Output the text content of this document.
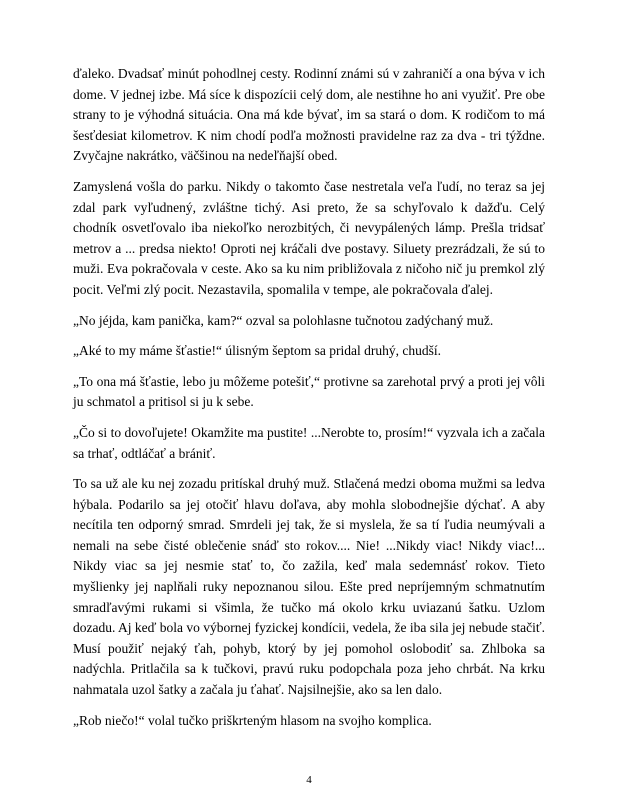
ďaleko. Dvadsať minút pohodlnej cesty. Rodinní známi sú v zahraničí a ona býva v ich dome. V jednej izbe. Má síce k dispozícii celý dom, ale nestihne ho ani využiť. Pre obe strany to je výhodná situácia. Ona má kde bývať, im sa stará o dom. K rodičom to má šesťdesiat kilometrov. K nim chodí podľa možnosti pravidelne raz za dva - tri týždne. Zvyčajne nakrátko, väčšinou na nedeľňajší obed.

Zamyslená vošla do parku. Nikdy o takomto čase nestretala veľa ľudí, no teraz sa jej zdal park vyľudnený, zvláštne tichý. Asi preto, že sa schyľovalo k dažďu. Celý chodník osvetľovalo iba niekoľko nerozbitých, či nevypálených lámp. Prešla tridsať metrov a ... predsa niekto! Oproti nej kráčali dve postavy. Siluety prezrádzali, že sú to muži. Eva pokračovala v ceste. Ako sa ku nim približovala z ničoho nič ju premkol zlý pocit. Veľmi zlý pocit. Nezastavila, spomalila v tempe, ale pokračovala ďalej.

„No jéjda, kam panička, kam?“ ozval sa polohlasne tučnotou zadýchaný muž.

„Aké to my máme šťastie!“ úlisným šeptom sa pridal druhý, chudší.

„To ona má šťastie, lebo ju môžeme potešiť,“ protivne sa zarehotal prvý a proti jej vôli ju schmatol a pritisol si ju k sebe.

„Čo si to dovoľujete! Okamžite ma pustite! ...Nerobte to, prosím!“ vyzvala ich a začala sa trhať, odtláčať a brániť.

To sa už ale ku nej zozadu pritískal druhý muž. Stlačená medzi oboma mužmi sa ledva hýbala. Podarilo sa jej otočiť hlavu doľava, aby mohla slobodnejšie dýchať. A aby necítila ten odporný smrad. Smrdeli jej tak, že si myslela, že sa tí ľudia neumývali a nemali na sebe čisté oblečenie snáď sto rokov.... Nie! ...Nikdy viac! Nikdy viac!... Nikdy viac sa jej nesmie stať to, čo zažila, keď mala sedemnásť rokov. Tieto myšlienky jej naplňali ruky nepoznanou silou. Ešte pred nepríjemným schmatnutím smradľavými rukami si všimla, že tučko má okolo krku uviazanú šatku. Uzlom dozadu. Aj keď bola vo výbornej fyzickej kondícii, vedela, že iba sila jej nebude stačiť. Musí použiť nejaký ťah, pohyb, ktorý by jej pomohol oslobodiť sa. Zhlboka sa nadýchla. Pritlačila sa k tučkovi, pravú ruku podopchala poza jeho chrbát. Na krku nahmatala uzol šatky a začala ju ťahať. Najsilnejšie, ako sa len dalo.

„Rob niečo!“ volal tučko priškrteným hlasom na svojho komplica.

4
